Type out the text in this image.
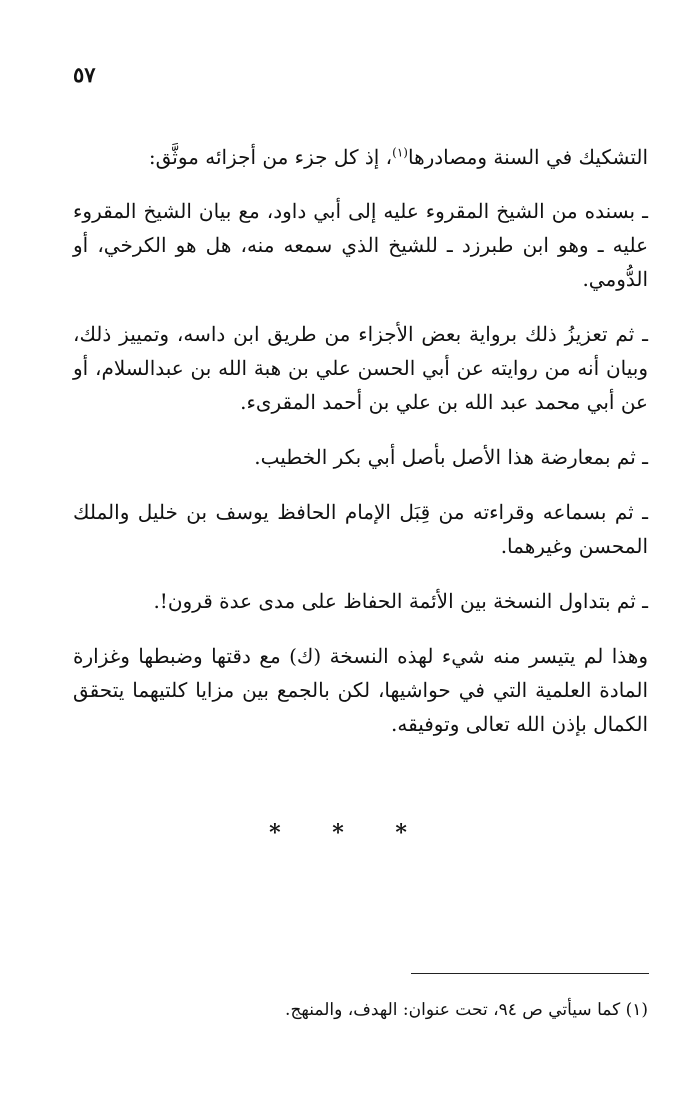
٥٧

التشكيك في السنة ومصادرها$^{(١)}$، إذ كل جزء من أجزائه موثَّق:

ـ بسنده من الشيخ المقروء عليه إلى أبي داود، مع بيان الشيخ المقروء عليه ـ وهو ابن طبرزد ـ للشيخ الذي سمعه منه، هل هو الكرخي، أو الدُّومي.

ـ ثم تعزيزُ ذلك برواية بعض الأجزاء من طريق ابن داسه، وتمييز ذلك، وبيان أنه من روايته عن أبي الحسن علي بن هبة الله بن عبدالسلام، أو عن أبي محمد عبد الله بن علي بن أحمد المقرىء.

ـ ثم بمعارضة هذا الأصل بأصل أبي بكر الخطيب.

ـ ثم بسماعه وقراءته من قِبَل الإمام الحافظ يوسف بن خليل والملك المحسن وغيرهما.

ـ ثم بتداول النسخة بين الأئمة الحفاظ على مدى عدة قرون!.

وهذا لم يتيسر منه شيء لهذه النسخة (ك) مع دقتها وضبطها وغزارة المادة العلمية التي في حواشيها، لكن بالجمع بين مزايا كلتيهما يتحقق الكمال بإذن الله تعالى وتوفيقه.

* * *
(١) كما سيأتي ص ٩٤، تحت عنوان: الهدف، والمنهج.
